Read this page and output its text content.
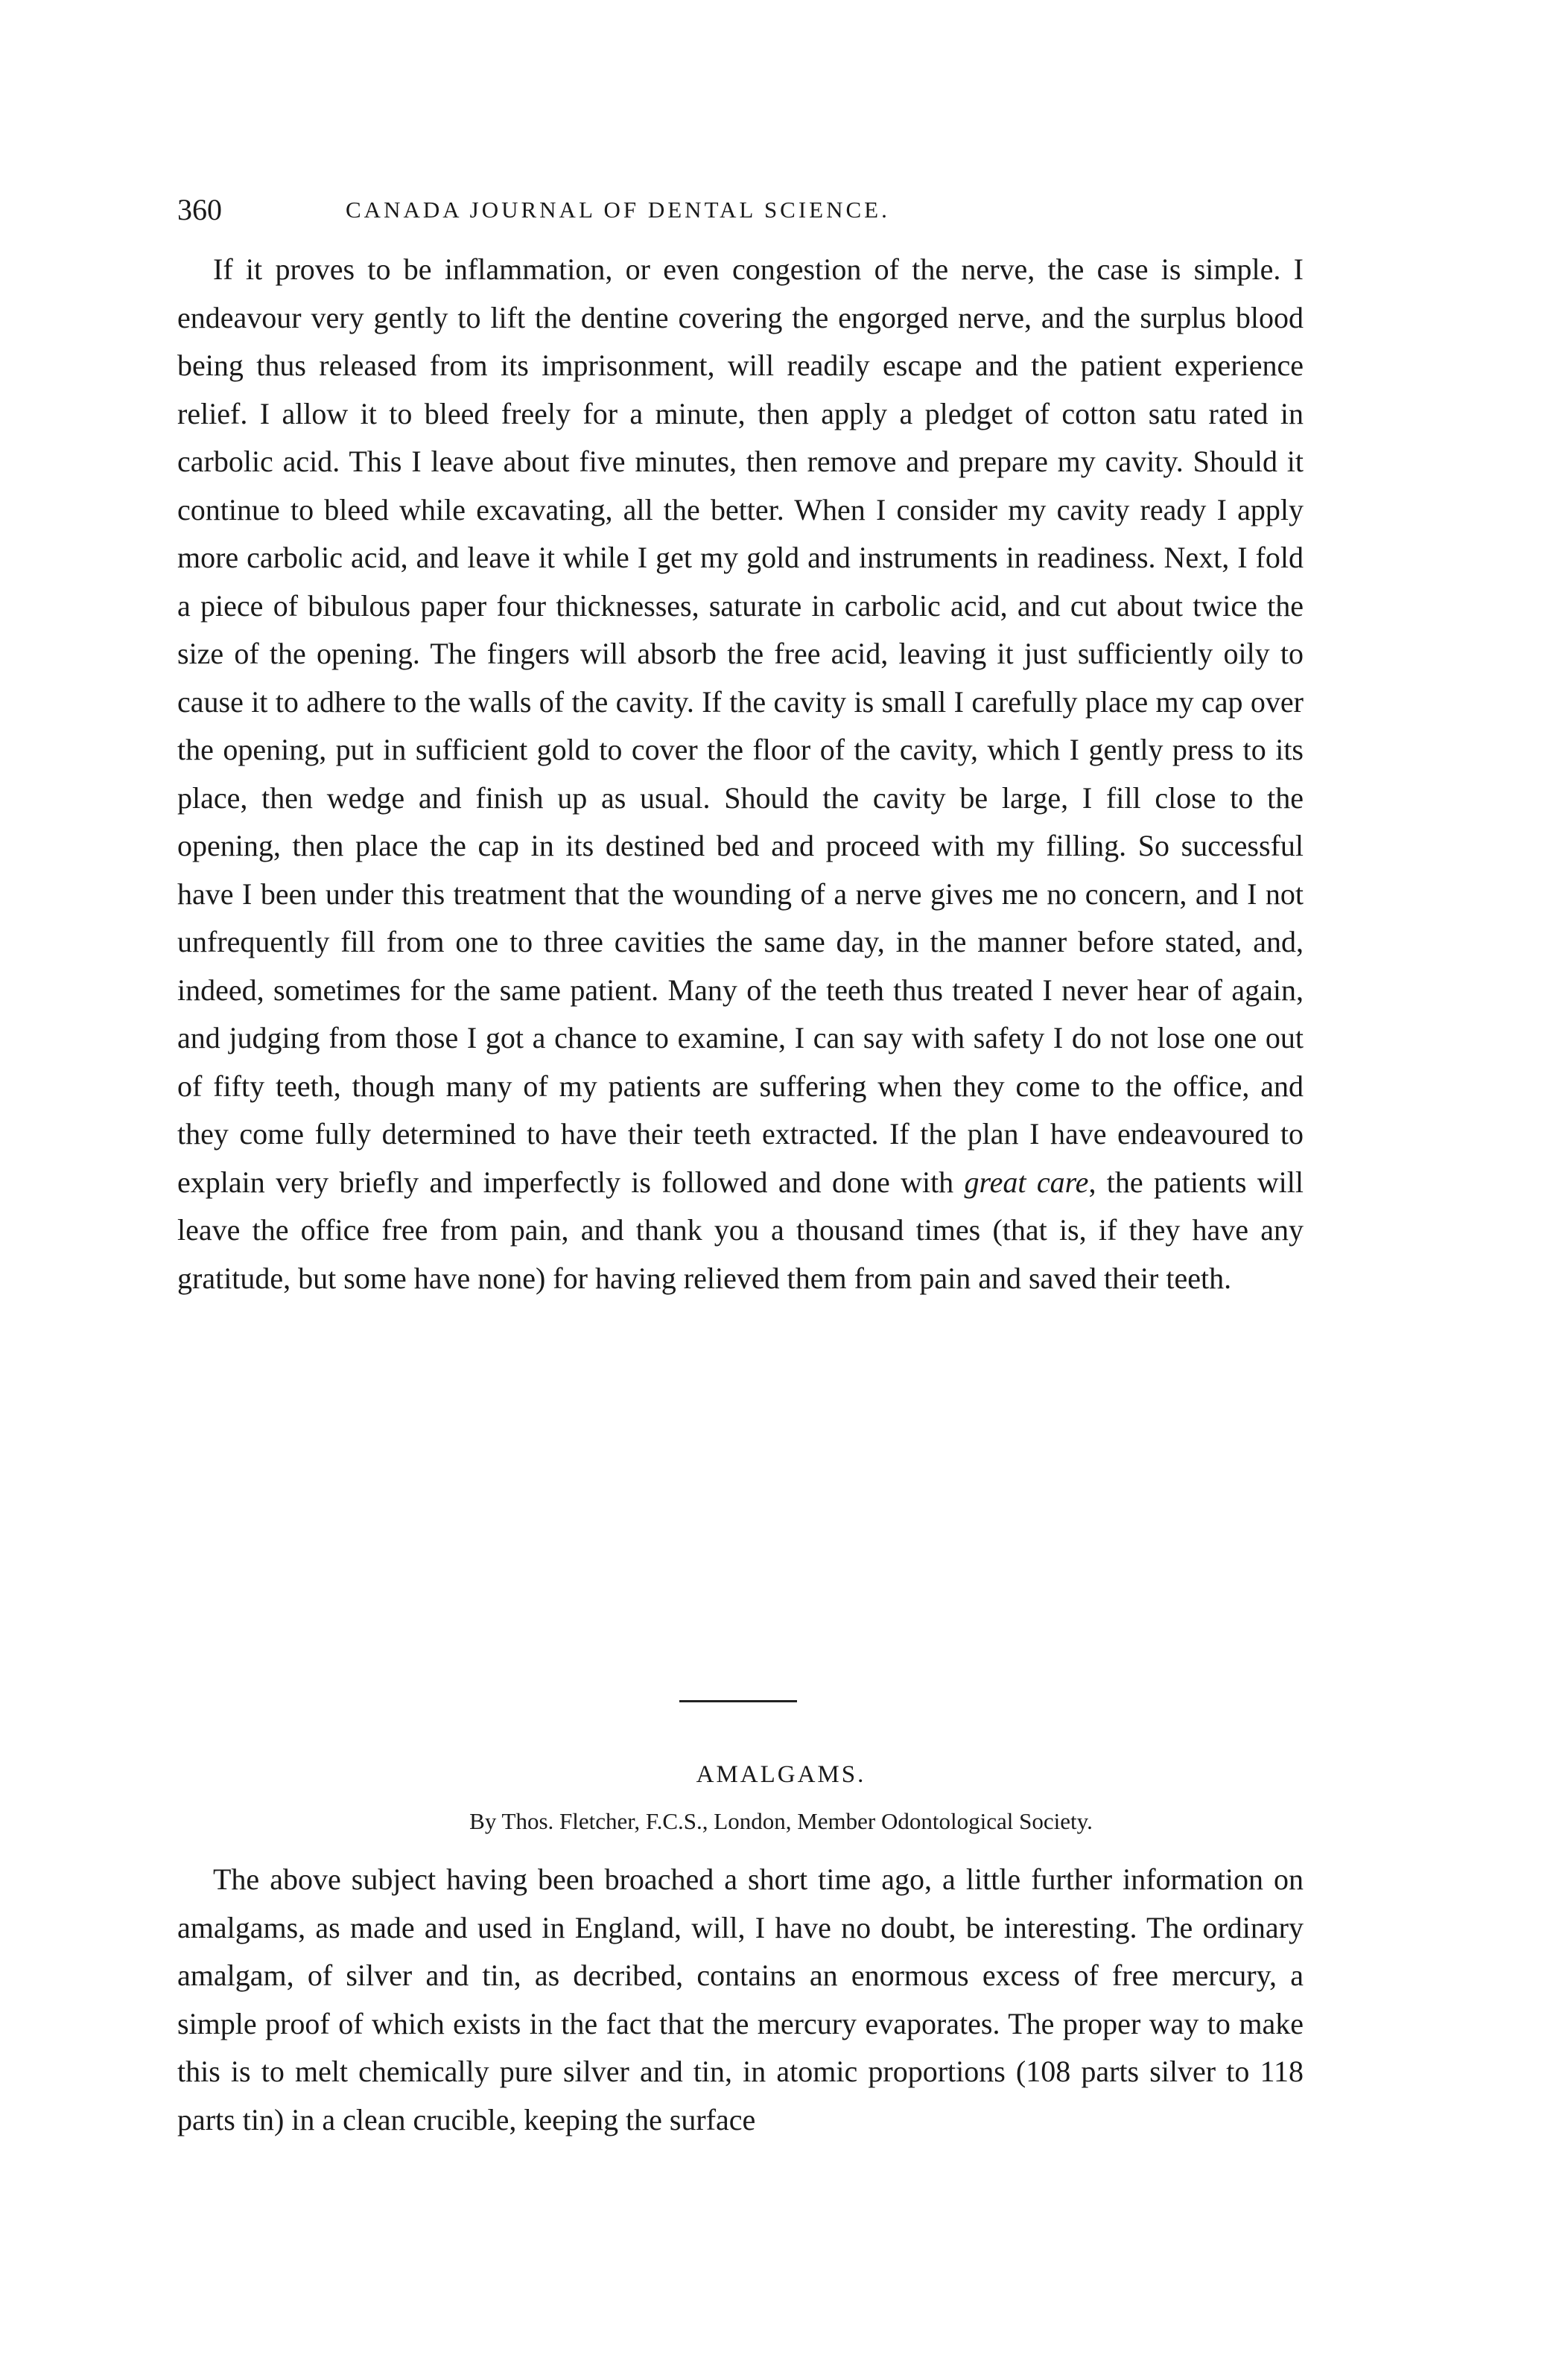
360	CANADA JOURNAL OF DENTAL SCIENCE.

If it proves to be inflammation, or even congestion of the nerve, the case is simple. I endeavour very gently to lift the dentine covering the engorged nerve, and the surplus blood being thus released from its imprisonment, will readily escape and the patient experience relief. I allow it to bleed freely for a minute, then apply a pledget of cotton satu rated in carbolic acid. This I leave about five minutes, then remove and prepare my cavity. Should it continue to bleed while excavating, all the better. When I consider my cavity ready I apply more carbolic acid, and leave it while I get my gold and instruments in readiness. Next, I fold a piece of bibulous paper four thicknesses, saturate in carbolic acid, and cut about twice the size of the opening. The fingers will absorb the free acid, leaving it just sufficiently oily to cause it to adhere to the walls of the cavity. If the cavity is small I carefully place my cap over the opening, put in sufficient gold to cover the floor of the cavity, which I gently press to its place, then wedge and finish up as usual. Should the cavity be large, I fill close to the opening, then place the cap in its destined bed and proceed with my filling. So successful have I been under this treatment that the wounding of a nerve gives me no concern, and I not unfrequently fill from one to three cavities the same day, in the manner before stated, and, indeed, sometimes for the same patient. Many of the teeth thus treated I never hear of again, and judging from those I got a chance to examine, I can say with safety I do not lose one out of fifty teeth, though many of my patients are suffering when they come to the office, and they come fully determined to have their teeth extracted. If the plan I have endeavoured to explain very briefly and imperfectly is followed and done with great care, the patients will leave the office free from pain, and thank you a thousand times (that is, if they have any gratitude, but some have none) for having relieved them from pain and saved their teeth.

AMALGAMS.
By Thos. Fletcher, F.C.S., London, Member Odontological Society.

The above subject having been broached a short time ago, a little further information on amalgams, as made and used in England, will, I have no doubt, be interesting. The ordinary amalgam, of silver and tin, as decribed, contains an enormous excess of free mercury, a simple proof of which exists in the fact that the mercury evaporates. The proper way to make this is to melt chemically pure silver and tin, in atomic proportions (108 parts silver to 118 parts tin) in a clean crucible, keeping the surface
